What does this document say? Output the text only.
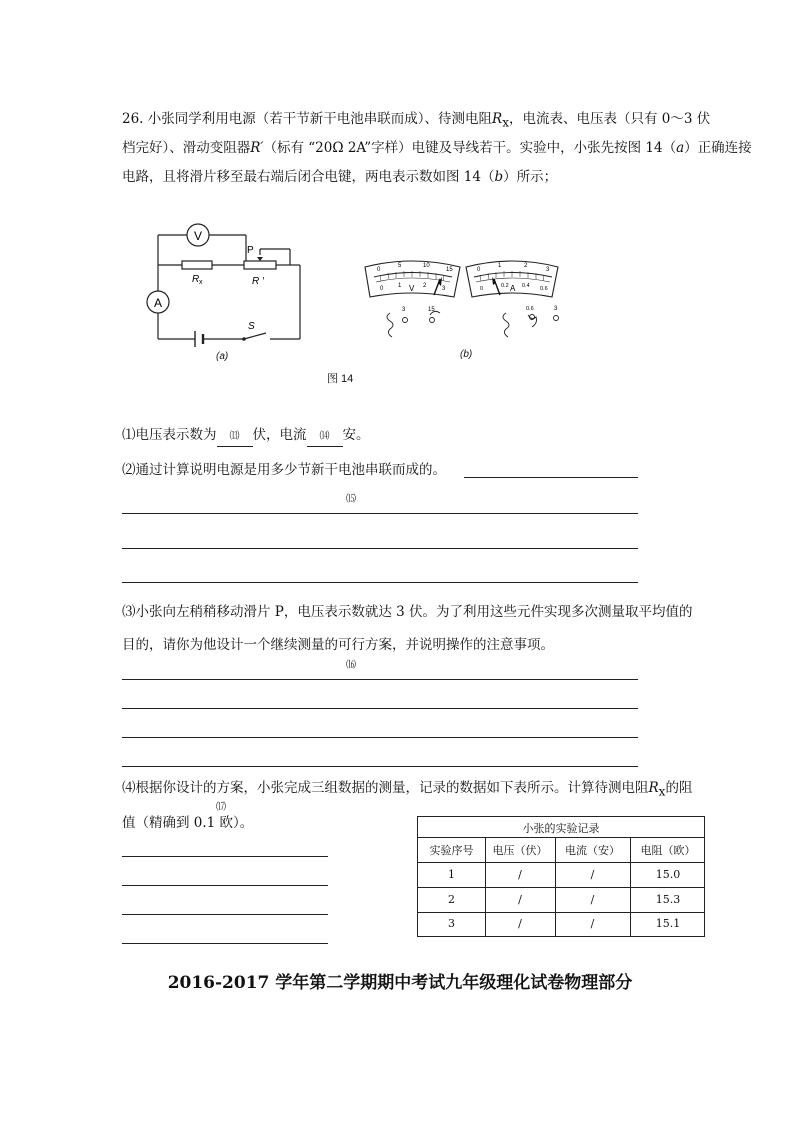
26. 小张同学利用电源（若干节新干电池串联而成）、待测电阻$R_x$，电流表、电压表（只有 0～3 伏
档完好）、滑动变阻器R′（标有 “20Ω 2A”字样）电键及导线若干。实验中，小张先按图 14（a）正确连接
电路，且将滑片移至最右端后闭合电键，两电表示数如图 14（b）所示；
V
R x
P
R ′
A
S
(a)
0
5	10
15
0 1	2	3
V
3	15
0
1	2
3
0	0.2 0.4 0.6
A
0.6	3
(b)
图 14
⑴电压表示数为 ⒀ 伏，电流 ⒁ 安。
⑵通过计算说明电源是用多少节新干电池串联而成的。
⒂
⑶小张向左稍稍移动滑片 P，电压表示数就达 3 伏。为了利用这些元件实现多次测量取平均值的
目的，请你为他设计一个继续测量的可行方案，并说明操作的注意事项。
⒃
⑷根据你设计的方案，小张完成三组数据的测量，记录的数据如下表所示。计算待测电阻$R_x$的阻
⒄
值（精确到 0.1 欧）。	小张的实验记录
实验序号	电压（伏）	电流（安）	电阻（欧）
1	/	/	15.0
2	/	/	15.3
3	/	/	15.1
2016-2017 学年第二学期期中考试九年级理化试卷物理部分
